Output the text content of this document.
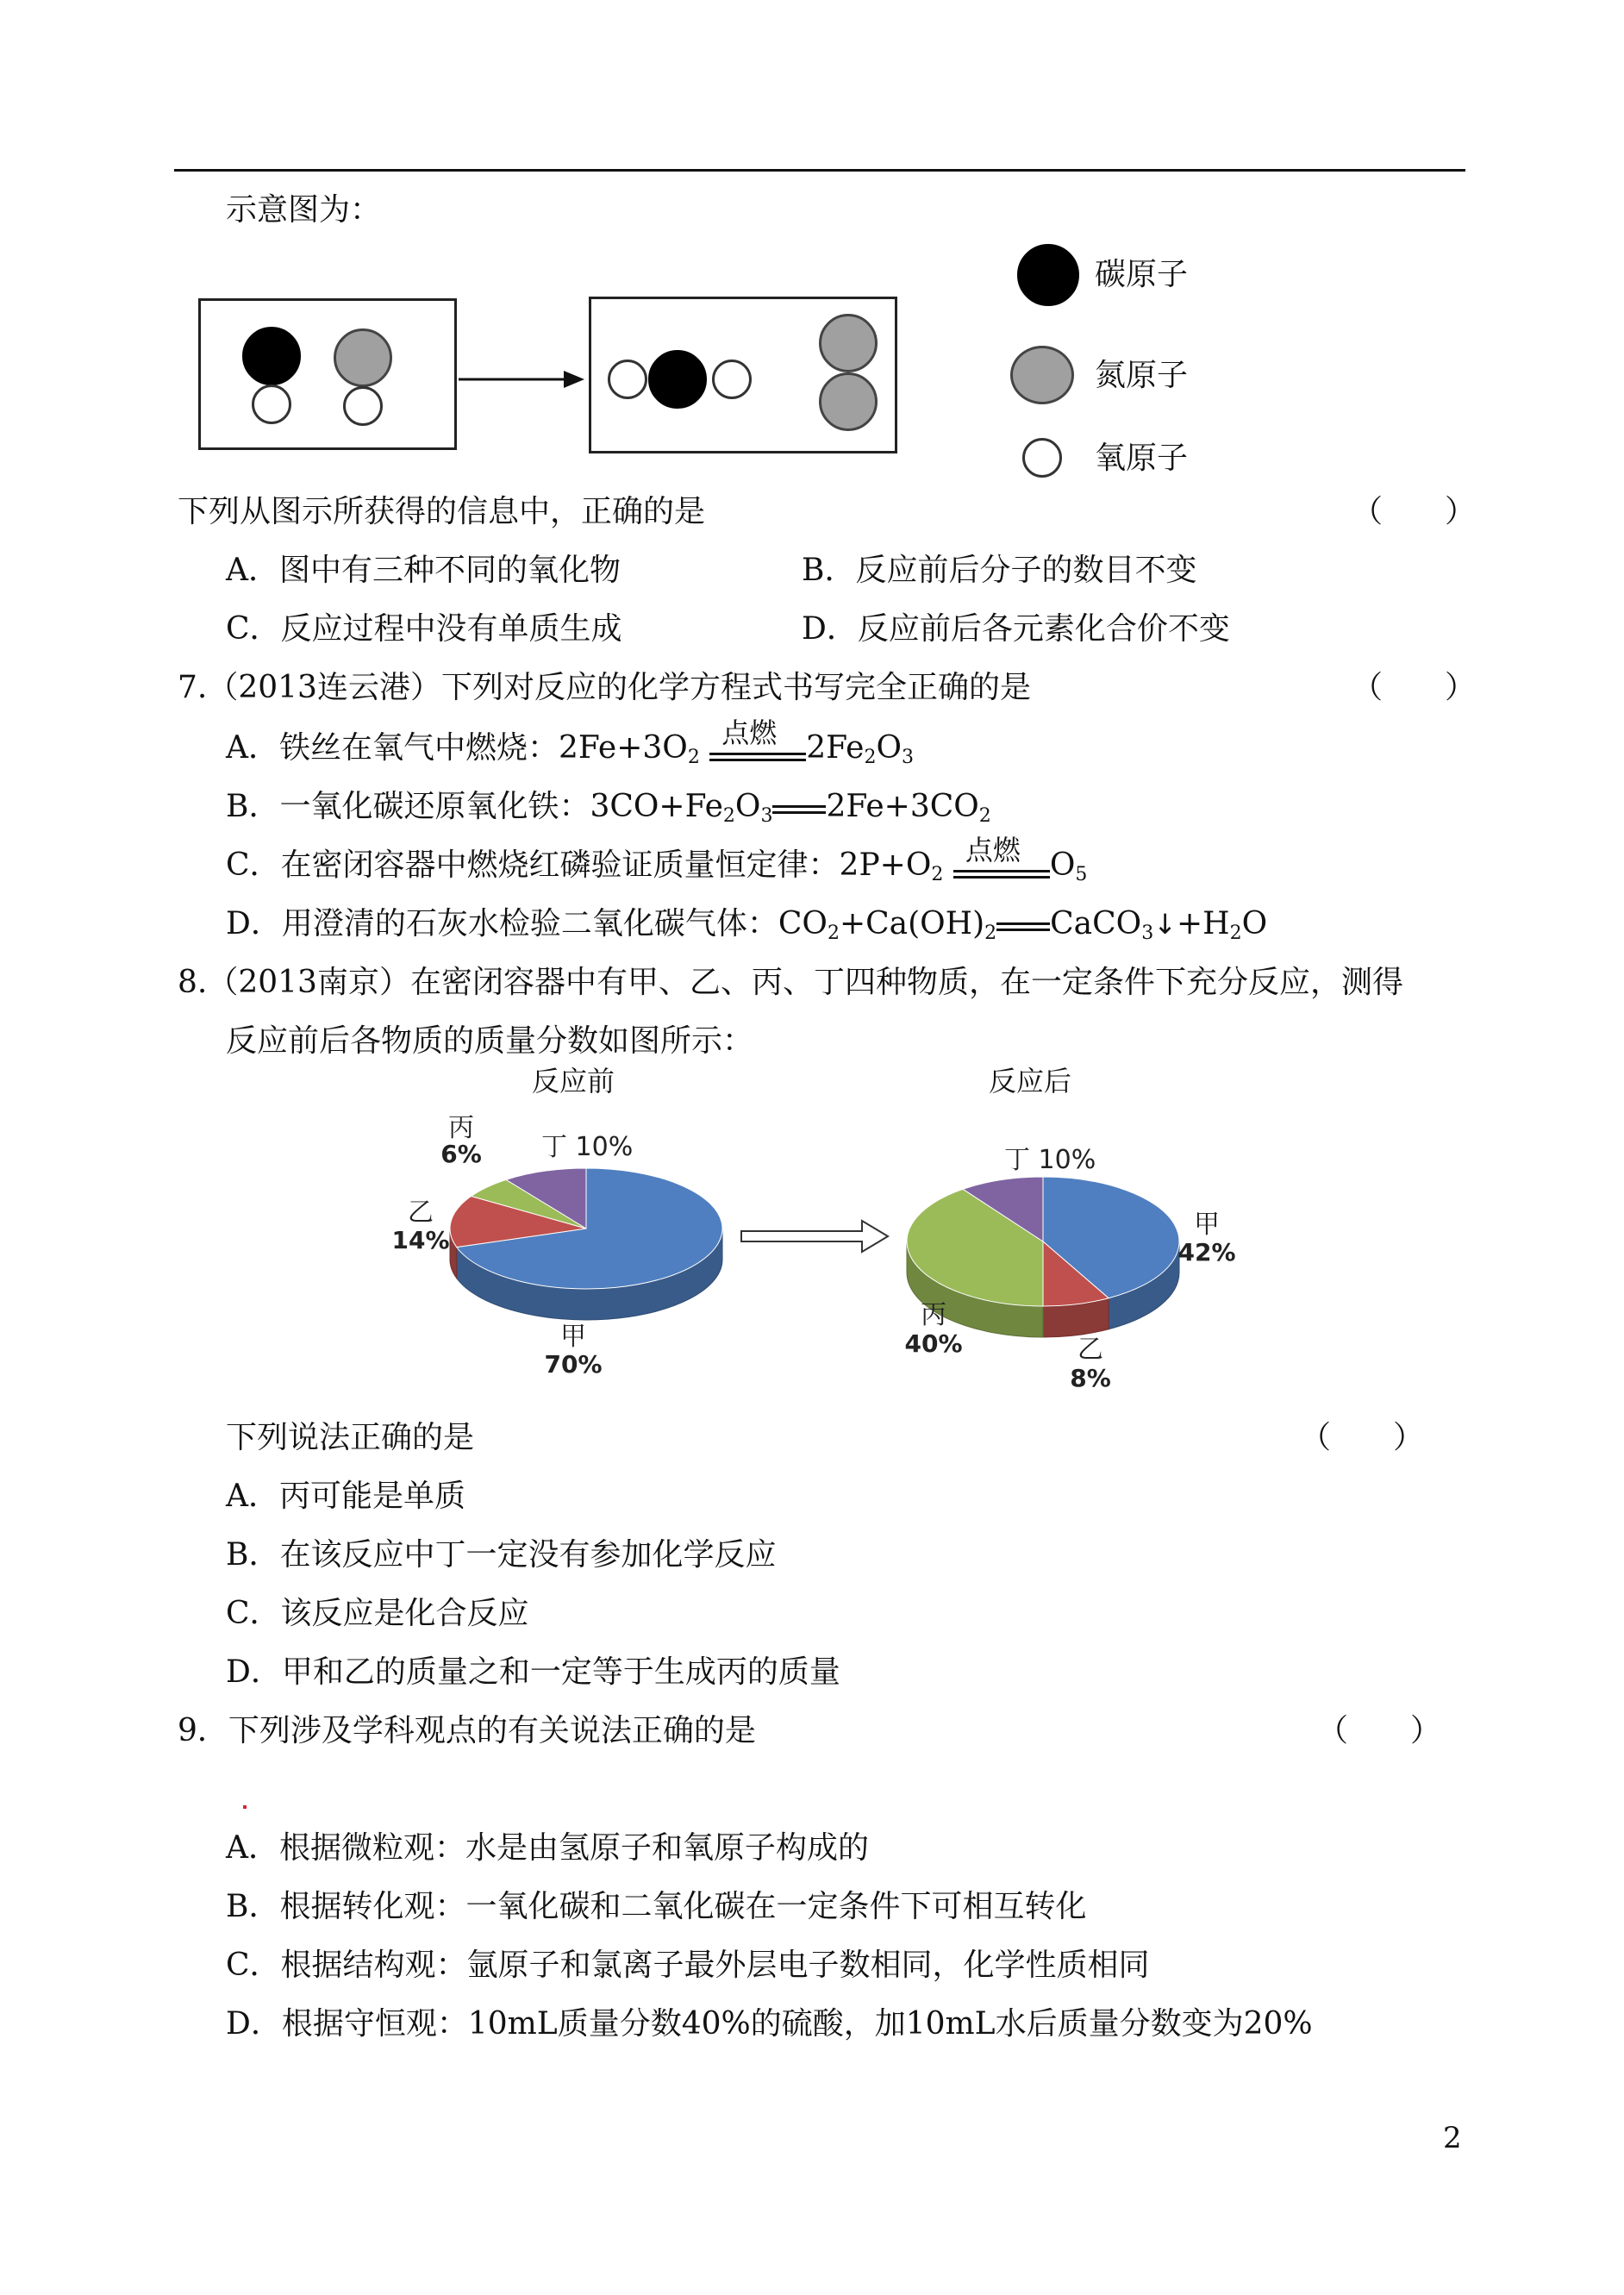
示意图为：
碳原子
氮原子
氧原子
下列从图示所获得的信息中，正确的是	（　　）
A．图中有三种不同的氧化物	B．反应前后分子的数目不变
C．反应过程中没有单质生成	D．反应前后各元素化合价不变
7.（2013连云港）下列对反应的化学方程式书写完全正确的是	（　　）
A．铁丝在氧气中燃烧：$2Fe+3O_2$
点燃 $2Fe_2O_3$
B．一氧化碳还原氧化铁：$3CO+Fe_2O_3$ $2Fe+3CO_2$
C．在密闭容器中燃烧红磷验证质量恒定律：$2P+O_2$
点燃 $O_5$
D．用澄清的石灰水检验二氧化碳气体：$CO_2+Ca(OH)_2$ $CaCO_3↓+H_2O$
8.（2013南京）在密闭容器中有甲、乙、丙、丁四种物质，在一定条件下充分反应，测得
反应前后各物质的质量分数如图所示：
反应前
甲
70%
乙
14%
丙
6% 丁 10%
反应后
甲
42%
乙
8%
丙
40%
丁 10%
下列说法正确的是	（　　）
A．丙可能是单质
B．在该反应中丁一定没有参加化学反应
C．该反应是化合反应
D．甲和乙的质量之和一定等于生成丙的质量
9．下列涉及学科观点的有关说法正确的是	（　　）
A．根据微粒观：水是由氢原子和氧原子构成的
B．根据转化观：一氧化碳和二氧化碳在一定条件下可相互转化
C．根据结构观：氩原子和氯离子最外层电子数相同，化学性质相同
D．根据守恒观：10mL质量分数40%的硫酸，加10mL水后质量分数变为20%
2
